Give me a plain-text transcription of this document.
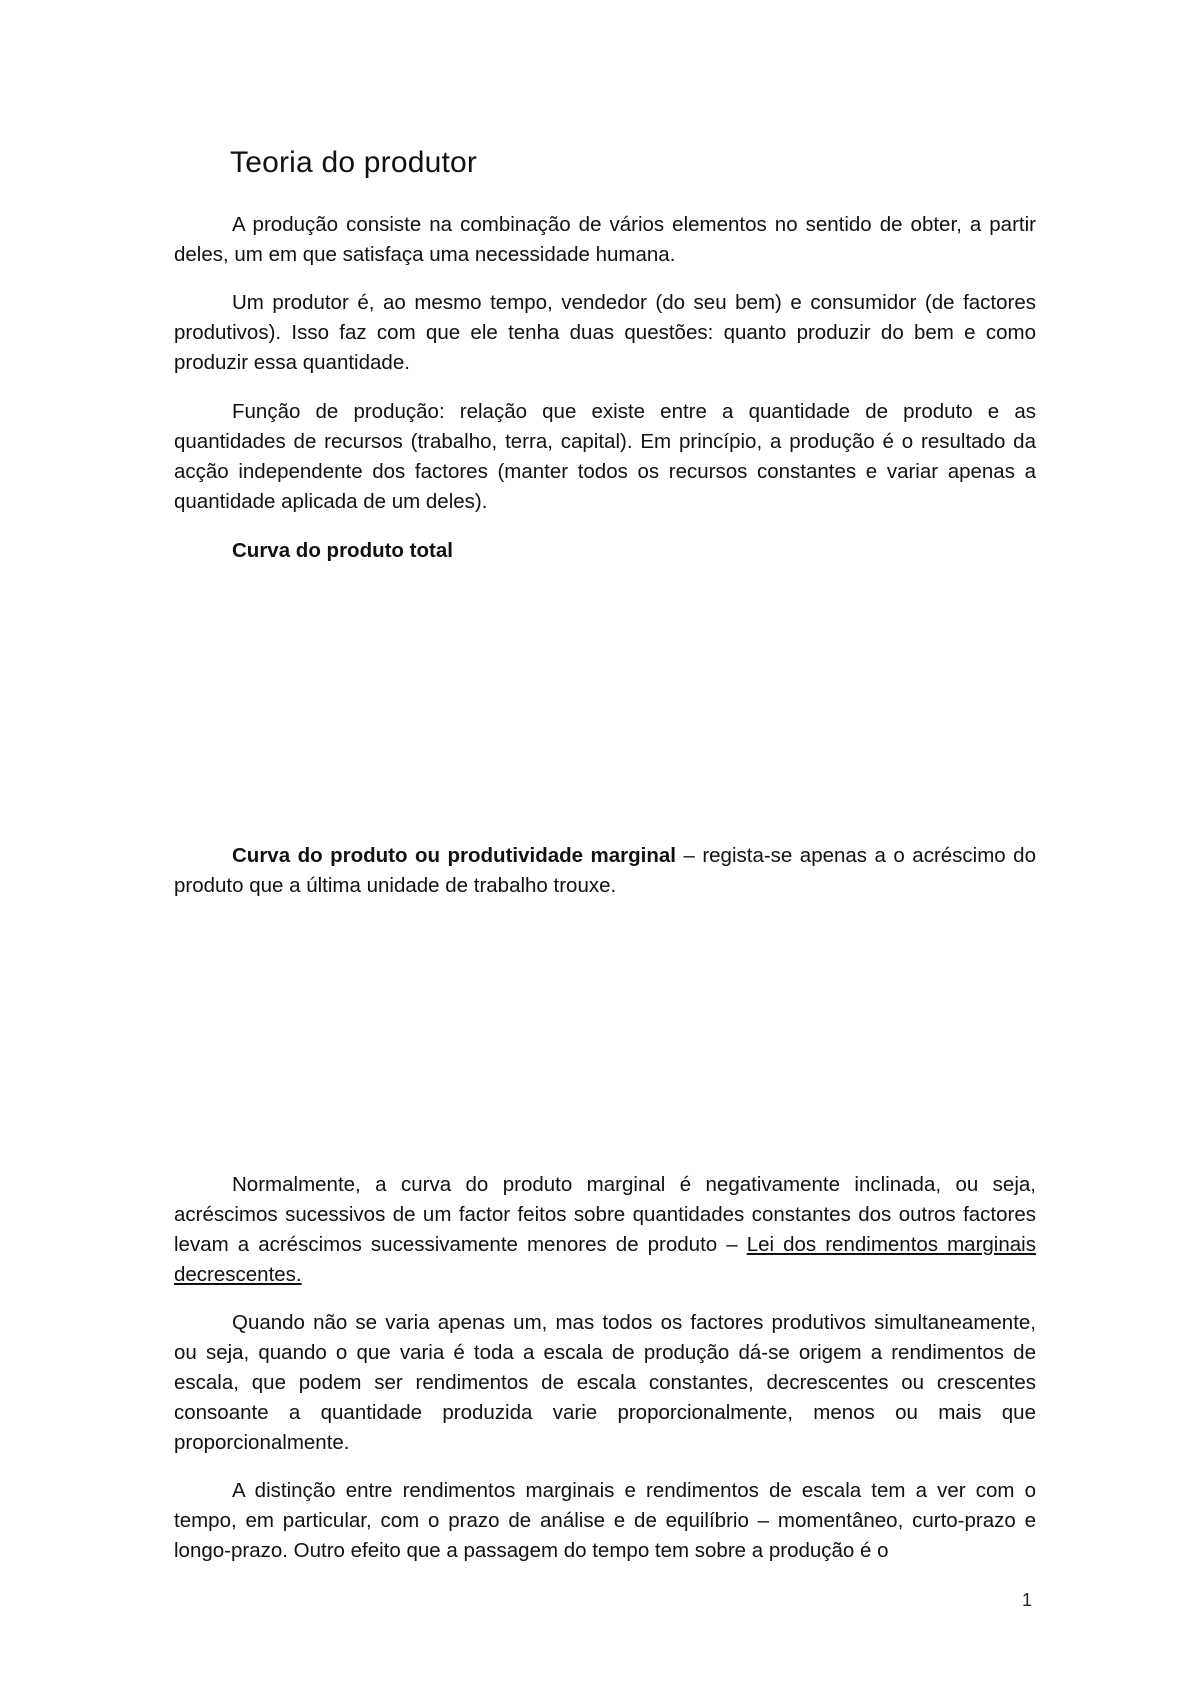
Teoria do produtor

A produção consiste na combinação de vários elementos no sentido de obter, a partir deles, um em que satisfaça uma necessidade humana.

Um produtor é, ao mesmo tempo, vendedor (do seu bem) e consumidor (de factores produtivos). Isso faz com que ele tenha duas questões: quanto produzir do bem e como produzir essa quantidade.

Função de produção: relação que existe entre a quantidade de produto e as quantidades de recursos (trabalho, terra, capital). Em princípio, a produção é o resultado da acção independente dos factores (manter todos os recursos constantes e variar apenas a quantidade aplicada de um deles).

Curva do produto total

Curva do produto ou produtividade marginal – regista-se apenas a o acréscimo do produto que a última unidade de trabalho trouxe.

Normalmente, a curva do produto marginal é negativamente inclinada, ou seja, acréscimos sucessivos de um factor feitos sobre quantidades constantes dos outros factores levam a acréscimos sucessivamente menores de produto – Lei dos rendimentos marginais decrescentes.

Quando não se varia apenas um, mas todos os factores produtivos simultaneamente, ou seja, quando o que varia é toda a escala de produção dá-se origem a rendimentos de escala, que podem ser rendimentos de escala constantes, decrescentes ou crescentes consoante a quantidade produzida varie proporcionalmente, menos ou mais que proporcionalmente.

A distinção entre rendimentos marginais e rendimentos de escala tem a ver com o tempo, em particular, com o prazo de análise e de equilíbrio – momentâneo, curto-prazo e longo-prazo. Outro efeito que a passagem do tempo tem sobre a produção é o

1
